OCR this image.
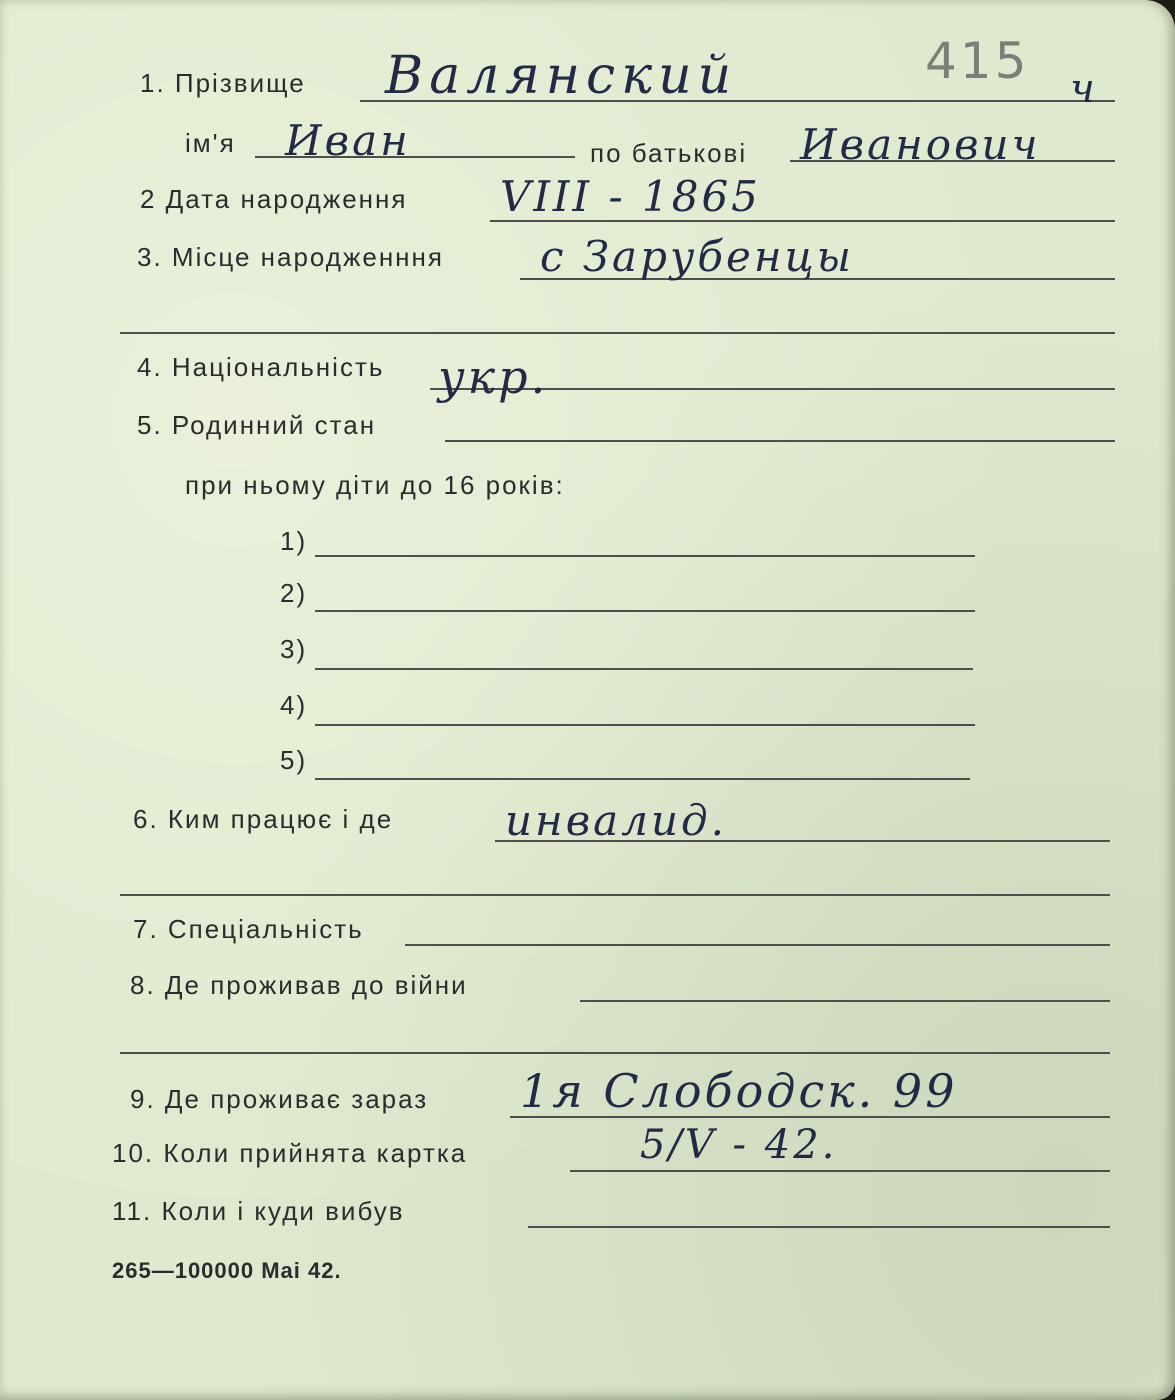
1. Прізвище Валянский	415 ч
ім'я Иван	по батькові Иванович
2 Дата народження VIII - 1865
3. Місце народженння с Зарубенцы
4. Національність укр.
5. Родинний стан
при ньому діти до 16 років:
1)
2)
3)
4)
5)
6. Ким працює і де	инвалид.
7. Спеціальність
8. Де проживав до війни
9. Де проживає зараз 1я Слободск. 99
10. Коли прийнята картка	5/V - 42.
11. Коли і куди вибув
265—100000 Mai 42.
